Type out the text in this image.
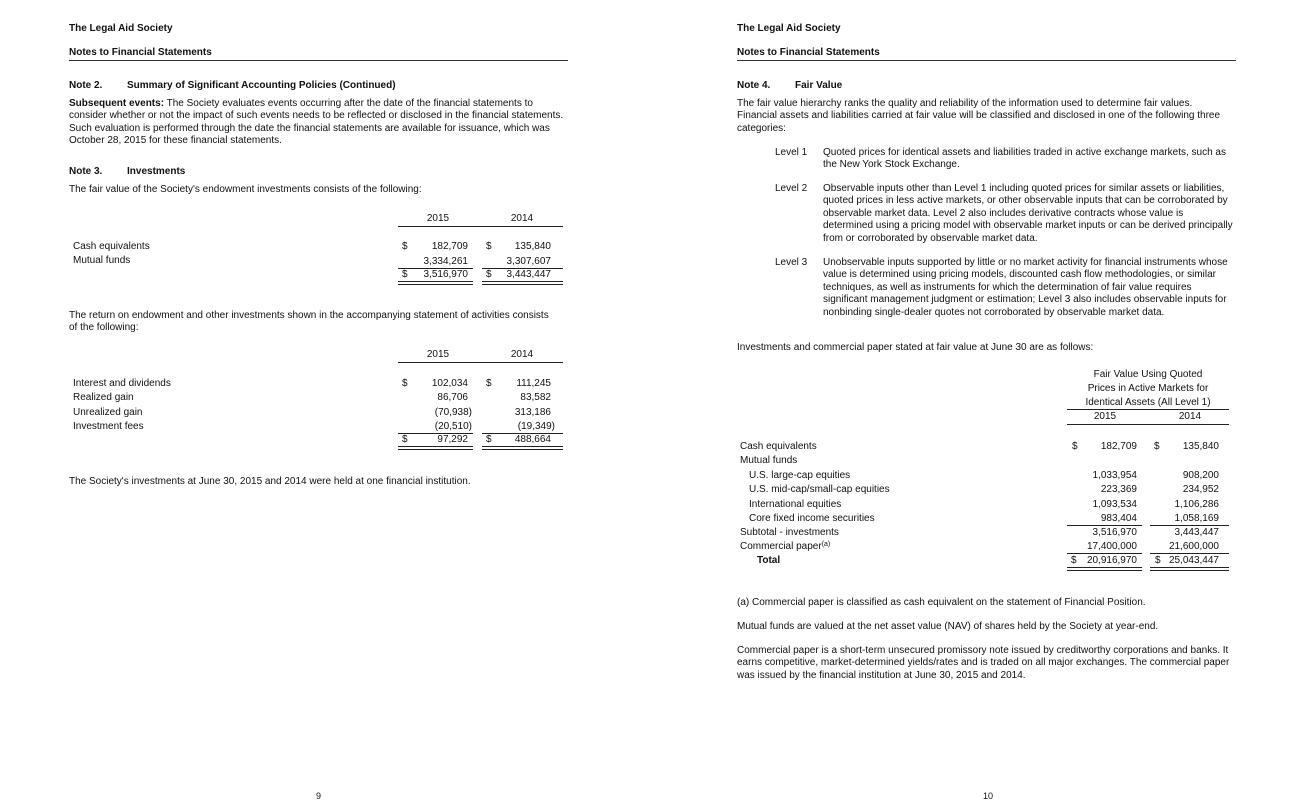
The Legal Aid Society
Notes to Financial Statements
Note 2. Summary of Significant Accounting Policies (Continued)
Subsequent events: The Society evaluates events occurring after the date of the financial statements to consider whether or not the impact of such events needs to be reflected or disclosed in the financial statements. Such evaluation is performed through the date the financial statements are available for issuance, which was October 28, 2015 for these financial statements.
Note 3. Investments
The fair value of the Society's endowment investments consists of the following:
2015	2014
Cash equivalents	$	182,709 $	135,840
Mutual funds	3,334,261	3,307,607
$	3,516,970 $	3,443,447
The return on endowment and other investments shown in the accompanying statement of activities consists of the following:
2015	2014
Interest and dividends	$	102,034 $	111,245
Realized gain	86,706	83,582
Unrealized gain	(70,938)	313,186
Investment fees	(20,510)	(19,349)
$	97,292 $	488,664
The Society's investments at June 30, 2015 and 2014 were held at one financial institution.
9
The Legal Aid Society
Notes to Financial Statements
Note 4. Fair Value
The fair value hierarchy ranks the quality and reliability of the information used to determine fair values. Financial assets and liabilities carried at fair value will be classified and disclosed in one of the following three categories:
Level 1 Quoted prices for identical assets and liabilities traded in active exchange markets, such as the New York Stock Exchange.
Level 2 Observable inputs other than Level 1 including quoted prices for similar assets or liabilities, quoted prices in less active markets, or other observable inputs that can be corroborated by observable market data. Level 2 also includes derivative contracts whose value is determined using a pricing model with observable market inputs or can be derived principally from or corroborated by observable market data.
Level 3 Unobservable inputs supported by little or no market activity for financial instruments whose value is determined using pricing models, discounted cash flow methodologies, or similar techniques, as well as instruments for which the determination of fair value requires significant management judgment or estimation; Level 3 also includes observable inputs for nonbinding single-dealer quotes not corroborated by observable market data.
Investments and commercial paper stated at fair value at June 30 are as follows:
Fair Value Using Quoted
Prices in Active Markets for
Identical Assets (All Level 1)
2015	2014
Cash equivalents	$	182,709 $	135,840
Mutual funds
U.S. large-cap equities	1,033,954	908,200
U.S. mid-cap/small-cap equities	223,369	234,952
International equities	1,093,534	1,106,286
Core fixed income securities	983,404	1,058,169
Subtotal - investments	3,516,970	3,443,447
Commercial paper$^{(a)}$	17,400,000	21,600,000
Total	$	20,916,970 $ 25,043,447
(a) Commercial paper is classified as cash equivalent on the statement of Financial Position.
Mutual funds are valued at the net asset value (NAV) of shares held by the Society at year-end.
Commercial paper is a short-term unsecured promissory note issued by creditworthy corporations and banks. It earns competitive, market-determined yields/rates and is traded on all major exchanges. The commercial paper was issued by the financial institution at June 30, 2015 and 2014.
10
